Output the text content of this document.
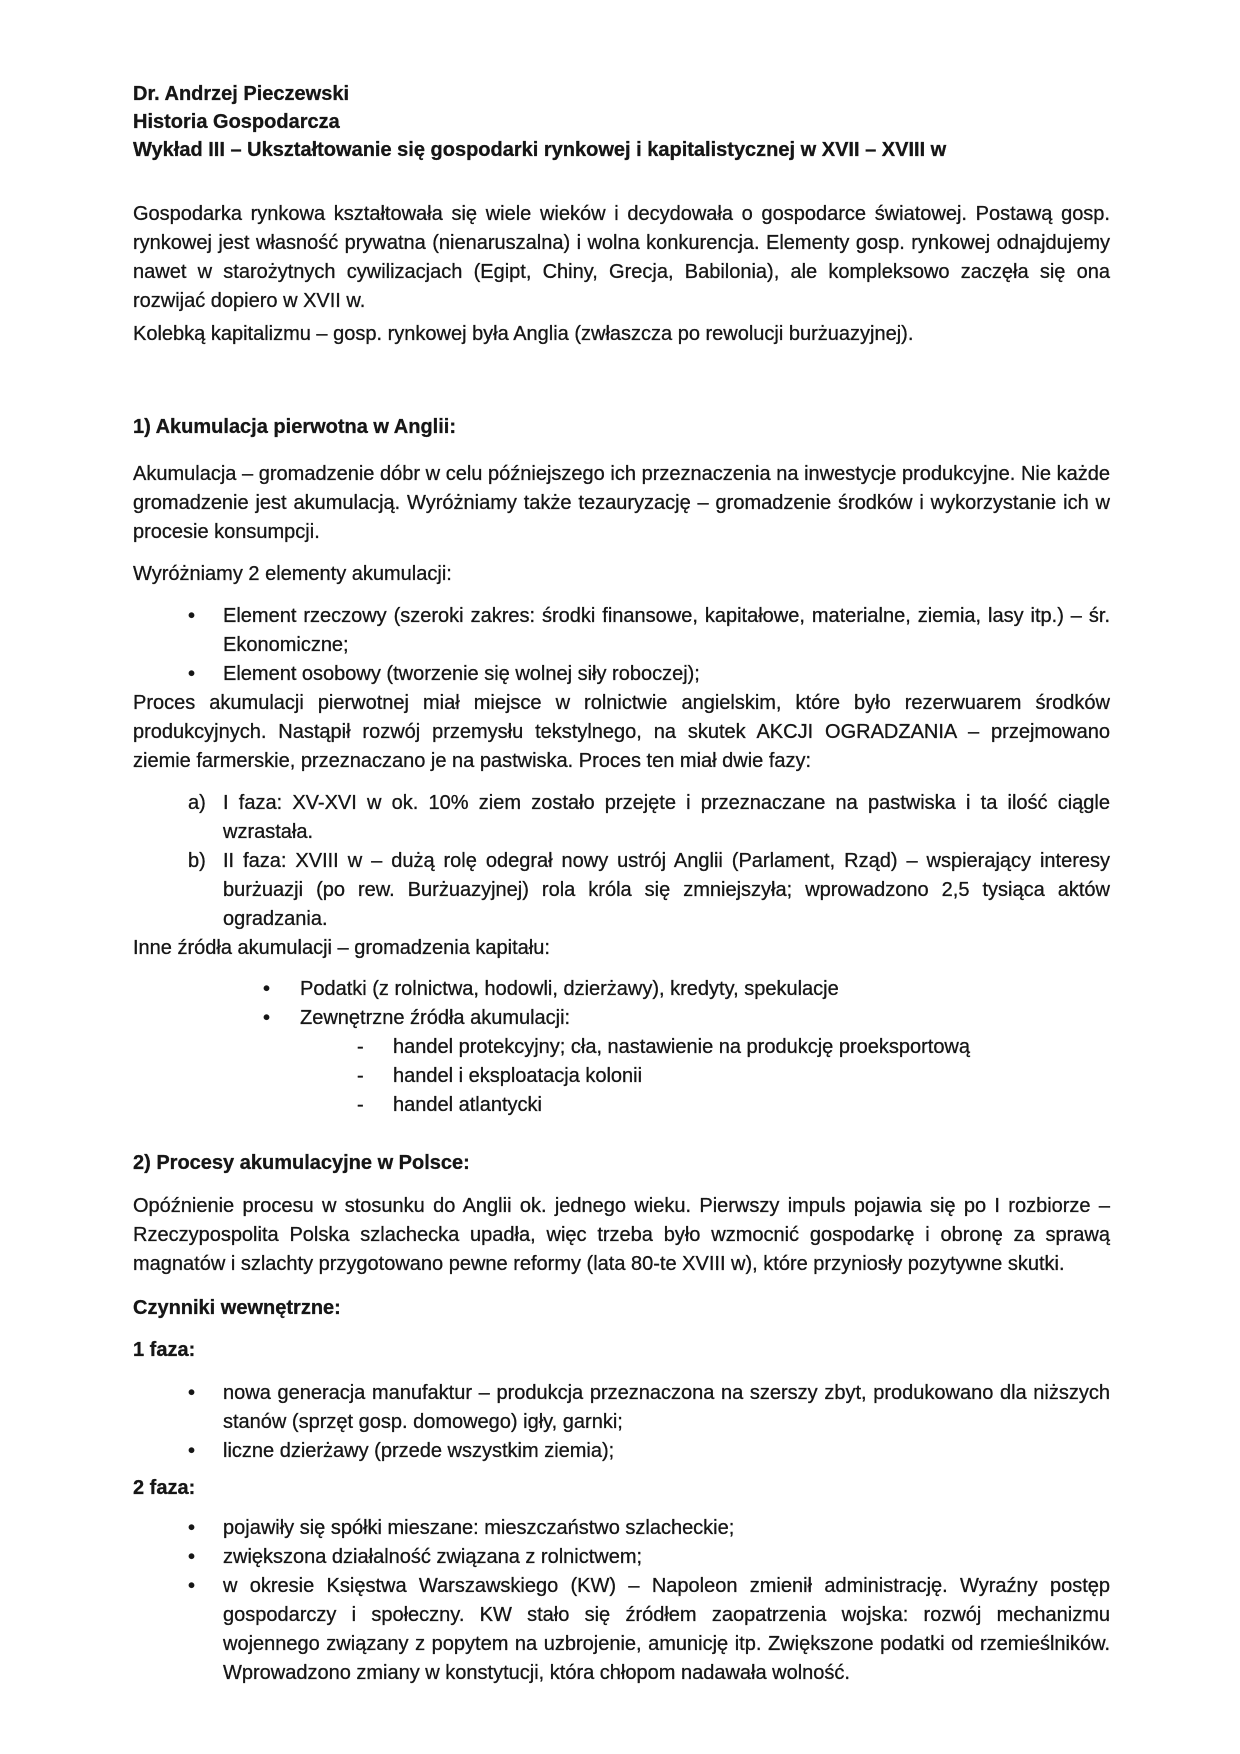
Dr. Andrzej Pieczewski
Historia Gospodarcza
Wykład III – Ukształtowanie się gospodarki rynkowej i kapitalistycznej w XVII – XVIII w

Gospodarka rynkowa kształtowała się wiele wieków i decydowała o gospodarce światowej. Postawą gosp. rynkowej jest własność prywatna (nienaruszalna) i wolna konkurencja. Elementy gosp. rynkowej odnajdujemy nawet w starożytnych cywilizacjach (Egipt, Chiny, Grecja, Babilonia), ale kompleksowo zaczęła się ona rozwijać dopiero w XVII w.

Kolebką kapitalizmu – gosp. rynkowej była Anglia (zwłaszcza po rewolucji burżuazyjnej).

1) Akumulacja pierwotna w Anglii:

Akumulacja – gromadzenie dóbr w celu późniejszego ich przeznaczenia na inwestycje produkcyjne. Nie każde gromadzenie jest akumulacją. Wyróżniamy także tezauryzację – gromadzenie środków i wykorzystanie ich w procesie konsumpcji.

Wyróżniamy 2 elementy akumulacji:
•	Element rzeczowy (szeroki zakres: środki finansowe, kapitałowe, materialne, ziemia, lasy itp.) – śr. Ekonomiczne;
•	Element osobowy (tworzenie się wolnej siły roboczej);

Proces akumulacji pierwotnej miał miejsce w rolnictwie angielskim, które było rezerwuarem środków produkcyjnych. Nastąpił rozwój przemysłu tekstylnego, na skutek AKCJI OGRADZANIA – przejmowano ziemie farmerskie, przeznaczano je na pastwiska. Proces ten miał dwie fazy:

a) I faza: XV-XVI w ok. 10% ziem zostało przejęte i przeznaczane na pastwiska i ta ilość ciągle wzrastała.
b) II faza: XVIII w – dużą rolę odegrał nowy ustrój Anglii (Parlament, Rząd) – wspierający interesy burżuazji (po rew. Burżuazyjnej) rola króla się zmniejszyła; wprowadzono 2,5 tysiąca aktów ogradzania.
Inne źródła akumulacji – gromadzenia kapitału:
•	Podatki (z rolnictwa, hodowli, dzierżawy), kredyty, spekulacje
•	Zewnętrzne źródła akumulacji:
-	handel protekcyjny; cła, nastawienie na produkcję proeksportową
-	handel i eksploatacja kolonii
-	handel atlantycki
2) Procesy akumulacyjne w Polsce:

Opóźnienie procesu w stosunku do Anglii ok. jednego wieku. Pierwszy impuls pojawia się po I rozbiorze – Rzeczypospolita Polska szlachecka upadła, więc trzeba było wzmocnić gospodarkę i obronę za sprawą magnatów i szlachty przygotowano pewne reformy (lata 80-te XVIII w), które przyniosły pozytywne skutki.

Czynniki wewnętrzne:
1 faza:
•	nowa generacja manufaktur – produkcja przeznaczona na szerszy zbyt, produkowano dla niższych stanów (sprzęt gosp. domowego) igły, garnki;
•	liczne dzierżawy (przede wszystkim ziemia);
2 faza:
•	pojawiły się spółki mieszane: mieszczaństwo szlacheckie;
•	zwiększona działalność związana z rolnictwem;
•	w okresie Księstwa Warszawskiego (KW) – Napoleon zmienił administrację. Wyraźny postęp gospodarczy i społeczny. KW stało się źródłem zaopatrzenia wojska: rozwój mechanizmu wojennego związany z popytem na uzbrojenie, amunicję itp. Zwiększone podatki od rzemieślników. Wprowadzono zmiany w konstytucji, która chłopom nadawała wolność.
